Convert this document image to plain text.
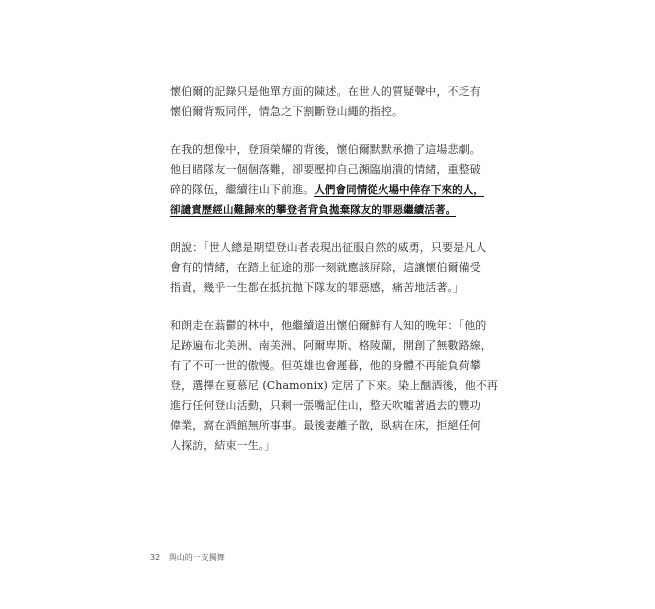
懷伯爾的記錄只是他單方面的陳述。在世人的質疑聲中，不乏有
懷伯爾背叛同伴，情急之下割斷登山繩的指控。

在我的想像中，登頂榮耀的背後，懷伯爾默默承擔了這場悲劇。
他目睹隊友一個個落難，卻要壓抑自己瀕臨崩潰的情緒，重整破
碎的隊伍，繼續往山下前進。人們會同情從火場中倖存下來的人，
卻譴責歷經山難歸來的攀登者背負拋棄隊友的罪惡繼續活著。

朗說：「世人總是期望登山者表現出征服自然的威勇，只要是凡人
會有的情緒，在踏上征途的那一刻就應該屏除，這讓懷伯爾備受
指責，幾乎一生都在抵抗拋下隊友的罪惡感，痛苦地活著。」

和朗走在蓊鬱的林中，他繼續道出懷伯爾鮮有人知的晚年：「他的
足跡遍布北美洲、南美洲、阿爾卑斯、格陵蘭，開創了無數路線，
有了不可一世的傲慢。但英雄也會遲暮，他的身體不再能負荷攀
登，選擇在夏慕尼 (Chamonix) 定居了下來。染上酗酒後，他不再
進行任何登山活動，只剩一張嘴記住山，整天吹噓著過去的豐功
偉業，窩在酒館無所事事。最後妻離子散，臥病在床，拒絕任何
人探訪，結束一生。」

32 與山的一支獨舞
